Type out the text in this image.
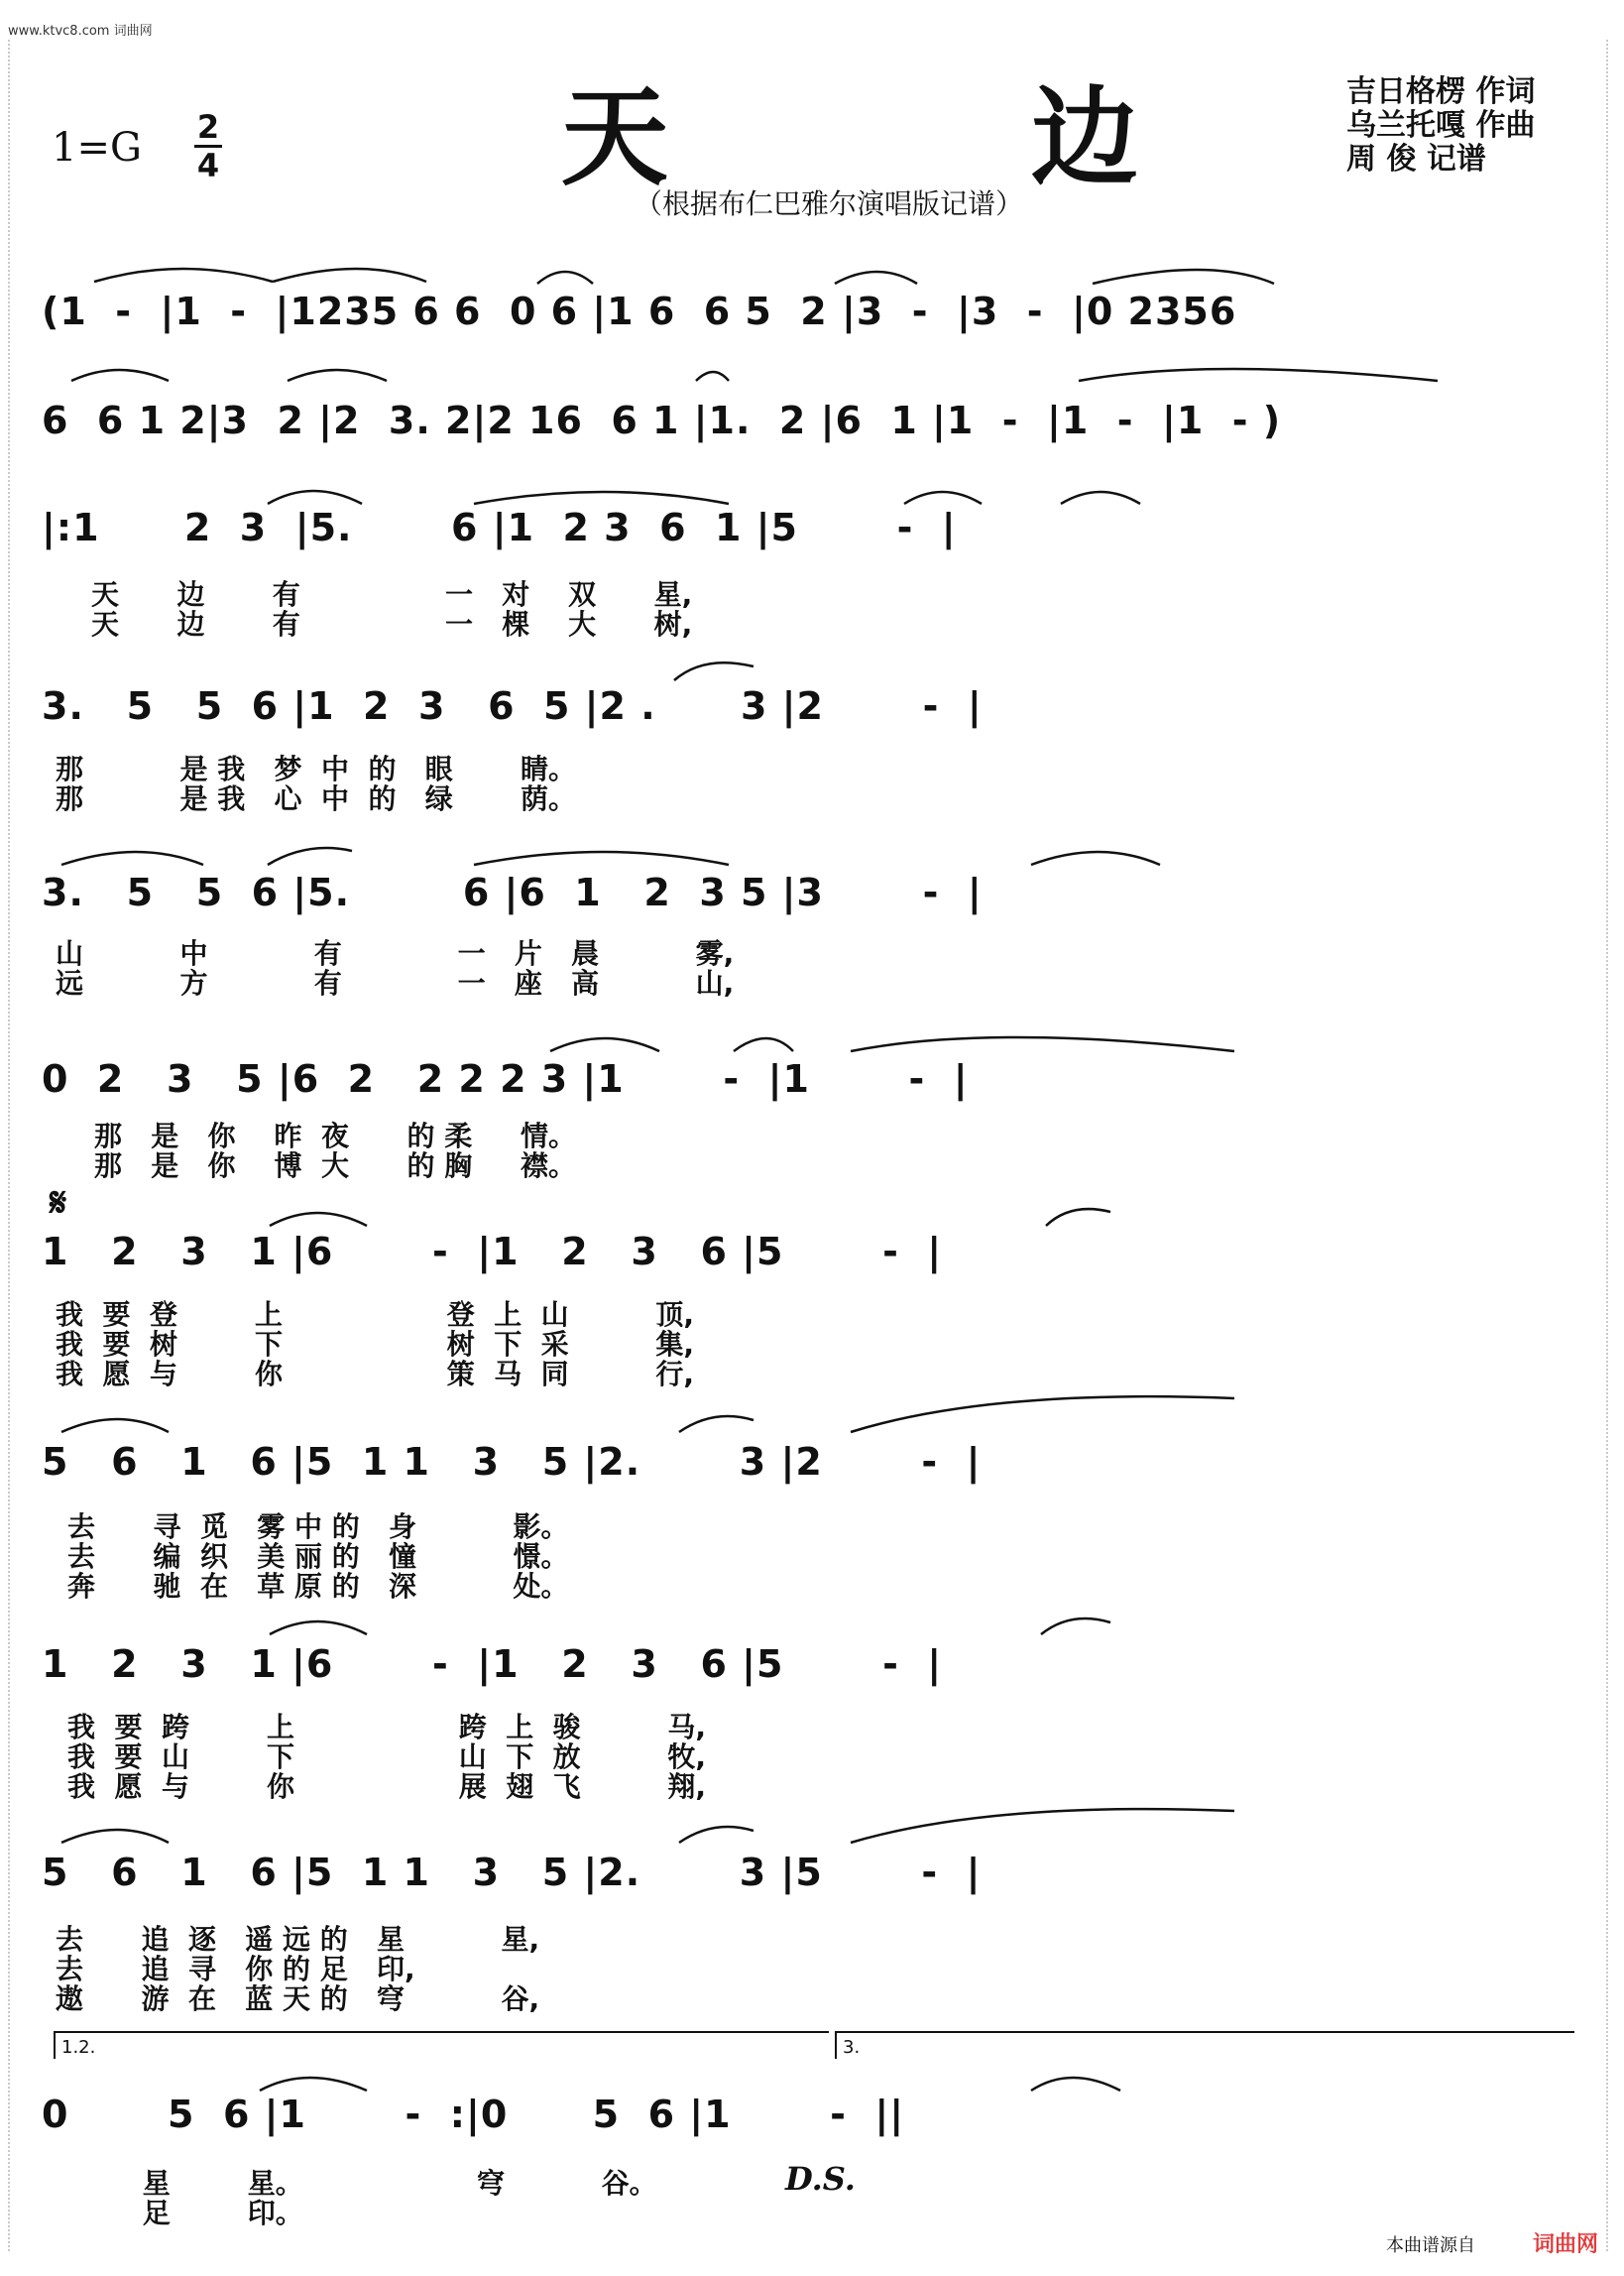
www.ktvc8.com 词曲网
天	边
1=G 2
4
吉日格楞 作词
乌兰托嘎 作曲
周 俊 记谱
（根据布仁巴雅尔演唱版记谱）
(1  -  |1  -  |1235 6 6  0 6 |1 6  6 5  2 |3  -  |3  -  |0 2356
6  6 1 2|3  2 |2  3. 2|2 16  6 1 |1.  2 |6  1 |1  -  |1  -  |1  - )
|:1      2  3  |5.       6 |1  2 3  6  1 |5       -  |
天      边       有               一   对    双      星,
天      边       有               一   棵    大      树,
3.   5   5  6 |1  2  3   6  5 |2 .      3 |2       -  |
那          是 我   梦  中  的   眼       睛。
那          是 我   心  中  的   绿       荫。
3.   5   5  6 |5.        6 |6  1   2  3 5 |3       -  |
山          中           有            一   片   晨          雾,
远          方           有            一   座   高          山,
0  2   3   5 |6  2   2 2 2 3 |1       -  |1       -  |
那   是   你    昨  夜      的 柔     情。
那   是   你    博  大      的 胸     襟。
𝄋
1   2   3   1 |6       -  |1   2   3   6 |5       -  |
我  要  登        上                 登  上  山         顶,
我  要  树        下                 树  下  采         集,
我  愿  与        你                 策  马  同         行,
5   6   1   6 |5  1 1   3   5 |2.       3 |2       -  |
去      寻  觅   雾 中 的   身          影。
去      编  织   美 丽 的   憧          憬。
奔      驰  在   草 原 的   深          处。
1   2   3   1 |6       -  |1   2   3   6 |5       -  |
我  要  跨        上                 跨  上  骏         马,
我  要  山        下                 山  下  放         牧,
我  愿  与        你                 展  翅  飞         翔,
5   6   1   6 |5  1 1   3   5 |2.       3 |5       -  |
去      追  逐   遥 远 的   星          星,
去      追  寻   你 的 足   印,
遨      游  在   蓝 天 的   穹          谷,
1.2.	3.
0       5  6 |1       -  :|0      5  6 |1       -  ||
星        星。                  穹          谷。
足        印。
D.S.
本曲谱源自	词曲网
